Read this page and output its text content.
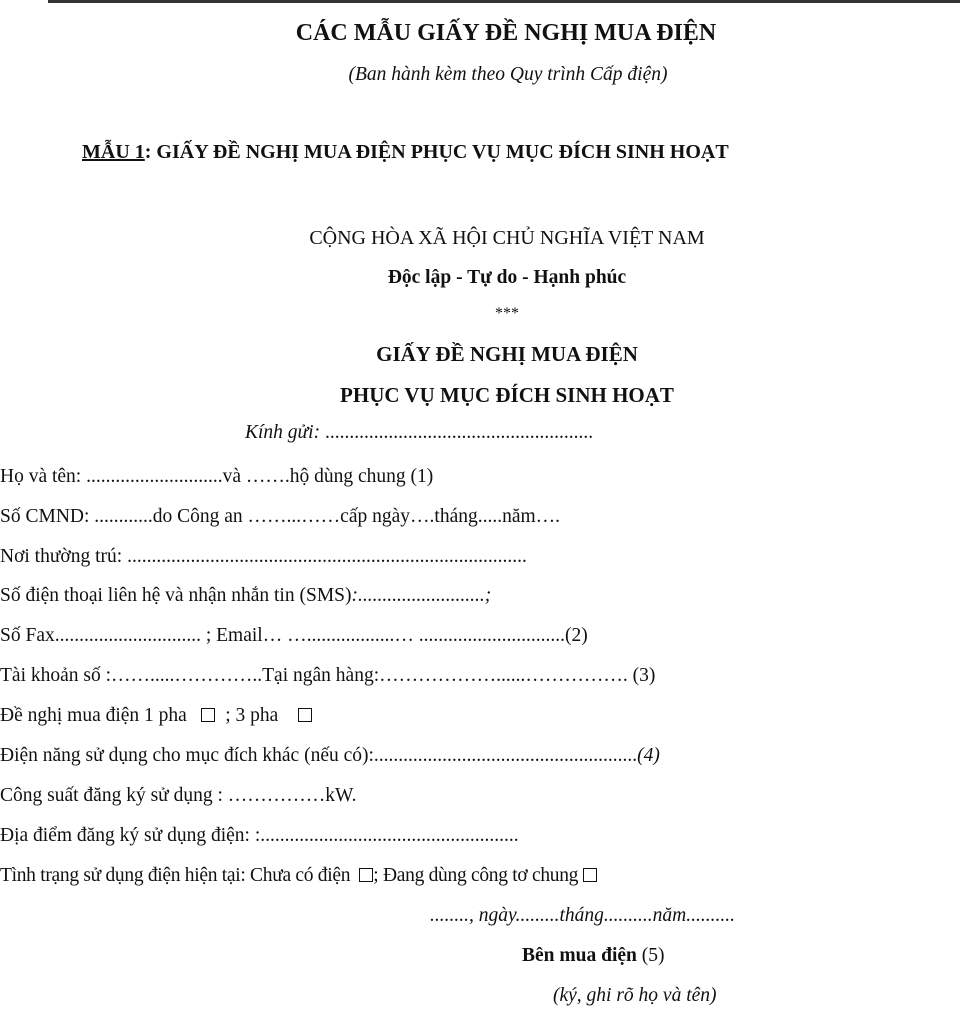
CÁC MẪU GIẤY ĐỀ NGHỊ MUA ĐIỆN
(Ban hành kèm theo Quy trình Cấp điện)
MẪU 1: GIẤY ĐỀ NGHỊ MUA ĐIỆN PHỤC VỤ MỤC ĐÍCH SINH HOẠT
CỘNG HÒA XÃ HỘI CHỦ NGHĨA VIỆT NAM
Độc lập - Tự do - Hạnh phúc
***
GIẤY ĐỀ NGHỊ MUA ĐIỆN
PHỤC VỤ MỤC ĐÍCH SINH HOẠT
Kính gửi: .......................................................
Họ và tên: ............................và …….hộ dùng chung (1)
Số CMND: ............do Công an ……...……cấp ngày….tháng.....năm….
Nơi thường trú: ..................................................................................
Số điện thoại liên hệ và nhận nhắn tin (SMS):..........................;
Số Fax.............................. ; Email… …..................… ..............................(2)
Tài khoản số :…….....…………..Tại ngân hàng:………………......……………. (3)
Đề nghị mua điện 1 pha ; 3 pha
Điện năng sử dụng cho mục đích khác (nếu có):......................................................(4)
Công suất đăng ký sử dụng : ……………kW.
Địa điểm đăng ký sử dụng điện: :.....................................................
Tình trạng sử dụng điện hiện tại: Chưa có điện ; Đang dùng công tơ chung
........, ngày.........tháng..........năm..........
Bên mua điện (5)
(ký, ghi rõ họ và tên)
